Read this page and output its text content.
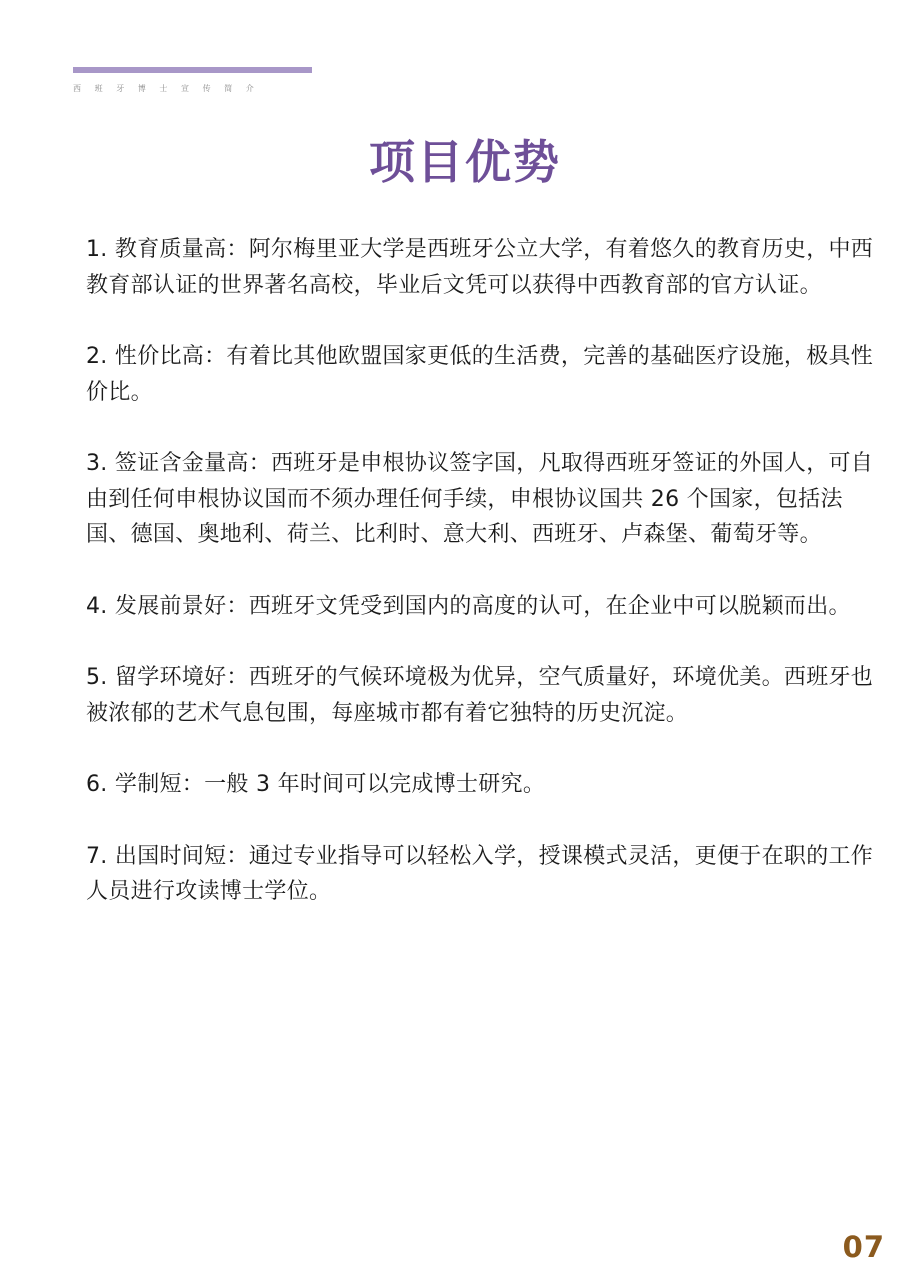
西班牙博士宣传简介
项目优势
1. 教育质量高：阿尔梅里亚大学是西班牙公立大学，有着悠久的教育历史，中西教育部认证的世界著名高校，毕业后文凭可以获得中西教育部的官方认证。
2. 性价比高：有着比其他欧盟国家更低的生活费，完善的基础医疗设施，极具性价比。
3. 签证含金量高：西班牙是申根协议签字国，凡取得西班牙签证的外国人，可自由到任何申根协议国而不须办理任何手续，申根协议国共 26 个国家，包括法国、德国、奥地利、荷兰、比利时、意大利、西班牙、卢森堡、葡萄牙等。
4. 发展前景好：西班牙文凭受到国内的高度的认可，在企业中可以脱颖而出。
5. 留学环境好：西班牙的气候环境极为优异，空气质量好，环境优美。西班牙也被浓郁的艺术气息包围，每座城市都有着它独特的历史沉淀。
6. 学制短：一般 3 年时间可以完成博士研究。
7. 出国时间短：通过专业指导可以轻松入学，授课模式灵活，更便于在职的工作人员进行攻读博士学位。
07
